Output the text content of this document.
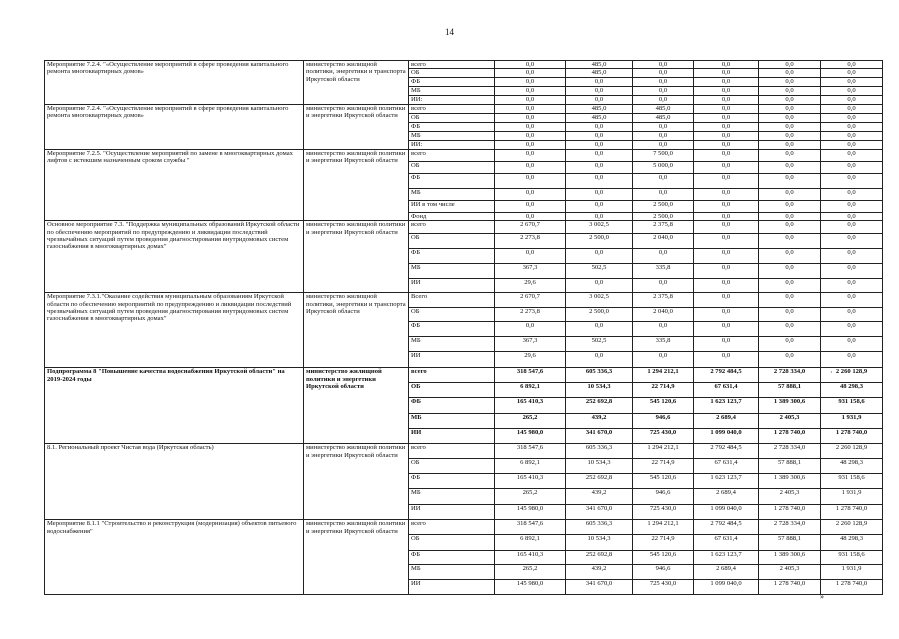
14
Мероприятие 7.2.4. "«Осуществление мероприятий в сфере проведения капитального ремонта многоквартирных домов»	министерство жилищной политики, энергетики и транспорта Иркутской области	всего	0,0	485,0	0,0	0,0	0,0	0,0	
		ОБ	0,0	485,0	0,0	0,0	0,0	0,0	
		ФБ	0,0	0,0	0,0	0,0	0,0	0,0	
		МБ	0,0	0,0	0,0	0,0	0,0	0,0	
		ИИ:	0,0	0,0	0,0	0,0	0,0	0,0	
Мероприятие 7.2.4. "«Осуществление мероприятий в сфере проведения капитального ремонта многоквартирных домов»	министерство жилищной политики и энергетики Иркутской области	всего	0,0	485,0	485,0	0,0	0,0	0,0	
		ОБ	0,0	485,0	485,0	0,0	0,0	0,0	
		ФБ	0,0	0,0	0,0	0,0	0,0	0,0	
		МБ	0,0	0,0	0,0	0,0	0,0	0,0	
		ИИ:	0,0	0,0	0,0	0,0	0,0	0,0	
Мероприятие 7.2.5. "Осуществление мероприятий по замене в многоквартирных домах лифтов с истекшим назначенным сроком службы "	министерство жилищной политики и энергетики Иркутской области	всего	0,0	0,0	7 500,0	0,0	0,0	0,0	
		ОБ	0,0	0,0	5 000,0	0,0	0,0	0,0	
		ФБ	0,0	0,0	0,0	0,0	0,0	0,0	
		МБ	0,0	0,0	0,0	0,0	0,0	0,0	
		ИИ в том числе	0,0	0,0	2 500,0	0,0	0,0	0,0	
		Фонд	0,0	0,0	2 500,0	0,0	0,0	0,0	
Основное мероприятие 7.3. "Поддержка муниципальных образований Иркутской области по обеспечению мероприятий по предупреждению и ликвидации последствий чрезвычайных ситуаций путем проведения диагностирования внутридомовых систем газоснабжения в многоквартирных домах"	министерство жилищной политики и энергетики Иркутской области	всего	2 670,7	3 002,5	2 375,8	0,0	0,0	0,0	
		ОБ	2 273,8	2 500,0	2 040,0	0,0	0,0	0,0	
		ФБ	0,0	0,0	0,0	0,0	0,0	0,0	
		МБ	367,3	502,5	335,8	0,0	0,0	0,0	
		ИИ	29,6	0,0	0,0	0,0	0,0	0,0	
Мероприятие 7.3.1."Оказание содействия муниципальным образованиям Иркутской области по обеспечению мероприятий по предупреждению и ликвидации последствий чрезвычайных ситуаций путем проведения диагностирования внутридомовых систем газоснабжения в многоквартирных домах"	министерство жилищной политики, энергетики и транспорта Иркутской области	Всего	2 670,7	3 002,5	2 375,8	0,0	0,0	0,0	
		ОБ	2 273,8	2 500,0	2 040,0	0,0	0,0	0,0	
		ФБ	0,0	0,0	0,0	0,0	0,0	0,0	
		МБ	367,3	502,5	335,8	0,0	0,0	0,0	
		ИИ	29,6	0,0	0,0	0,0	0,0	0,0	
Подпрограмма 8 "Повышение качества водоснабжения Иркутской области" на 2019-2024 годы	министерство жилищной политики и энергетики Иркутской области	всего	318 547,6	605 336,3	1 294 212,1	2 792 484,5	2 728 334,0	2 260 128,9	
		ОБ	6 892,1	10 534,3	22 714,9	67 631,4	57 888,1	48 298,3	
		ФБ	165 410,3	252 692,8	545 120,6	1 623 123,7	1 389 300,6	931 158,6	
		МБ	265,2	439,2	946,6	2 689,4	2 405,3	1 931,9	
		ИИ	145 980,0	341 670,0	725 430,0	1 099 040,0	1 278 740,0	1 278 740,0	
8.1. Региональный проект Чистая вода (Иркутская область)	министерство жилищной политики и энергетики Иркутской области	всего	318 547,6	605 336,3	1 294 212,1	2 792 484,5	2 728 334,0	2 260 128,9	
		ОБ	6 892,1	10 534,3	22 714,9	67 631,4	57 888,1	48 298,3	
		ФБ	165 410,3	252 692,8	545 120,6	1 623 123,7	1 389 300,6	931 158,6	
		МБ	265,2	439,2	946,6	2 689,4	2 405,3	1 931,9	
		ИИ	145 980,0	341 670,0	725 430,0	1 099 040,0	1 278 740,0	1 278 740,0	
Мероприятие 8.1.1 "Строительство и реконструкция (модернизация) объектов питьевого водоснабжения"	министерство жилищной политики и энергетики Иркутской области	всего	318 547,6	605 336,3	1 294 212,1	2 792 484,5	2 728 334,0	2 260 128,9	
		ОБ	6 892,1	10 534,3	22 714,9	67 631,4	57 888,1	48 298,3	
		ФБ	165 410,3	252 692,8	545 120,6	1 623 123,7	1 389 300,6	931 158,6	
		МБ	265,2	439,2	946,6	2 689,4	2 405,3	1 931,9	
		ИИ	145 980,0	341 670,0	725 430,0	1 099 040,0	1 278 740,0	1 278 740,0	
·
»
